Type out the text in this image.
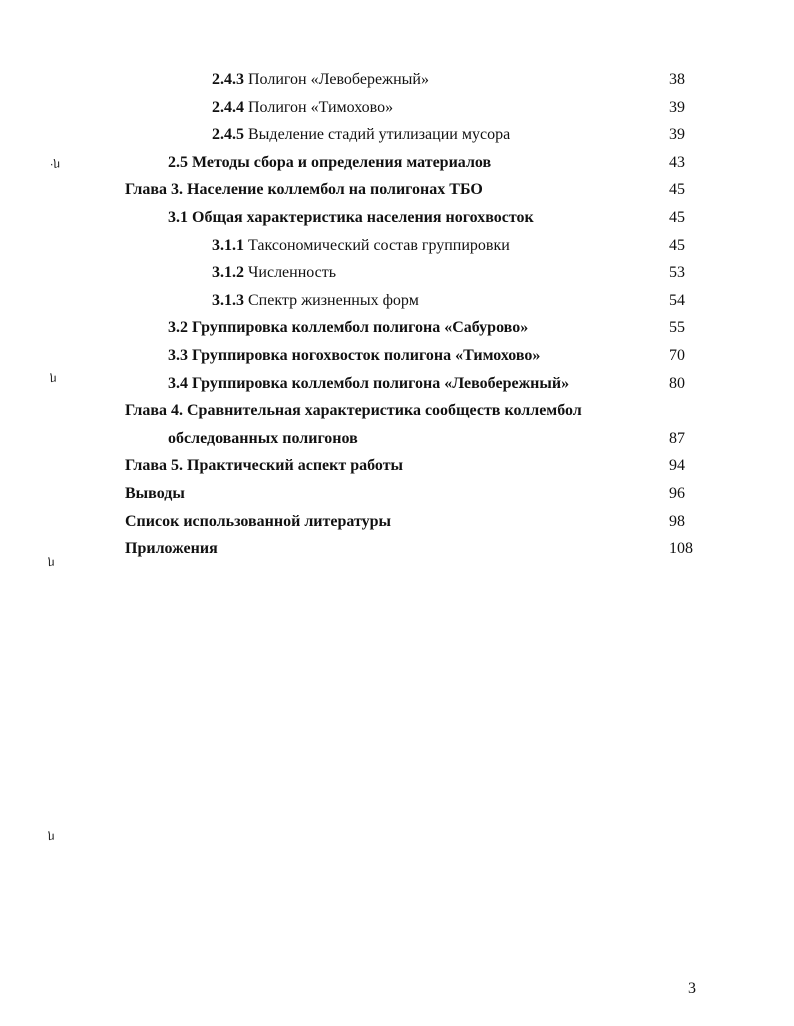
2.4.3 Полигон «Левобережный»	38
2.4.4 Полигон «Тимохово»	39
2.4.5 Выделение стадий утилизации мусора	39
2.5 Методы сбора и определения материалов	43
Глава 3. Население коллембол на полигонах ТБО	45
3.1 Общая характеристика населения ногохвосток	45
3.1.1 Таксономический состав группировки	45
3.1.2 Численность	53
3.1.3 Спектр жизненных форм	54
3.2 Группировка коллембол полигона «Сабурово»	55
3.3 Группировка ногохвосток полигона «Тимохово»	70
3.4 Группировка коллембол полигона «Левобережный»	80
Глава 4. Сравнительная характеристика сообществ коллембол
обследованных полигонов	87
Глава 5. Практический аспект работы	94
Выводы	96
Список использованной литературы	98
Приложения	108
·ⴑ
ⴑ
ⴑ
ⴑ
3
